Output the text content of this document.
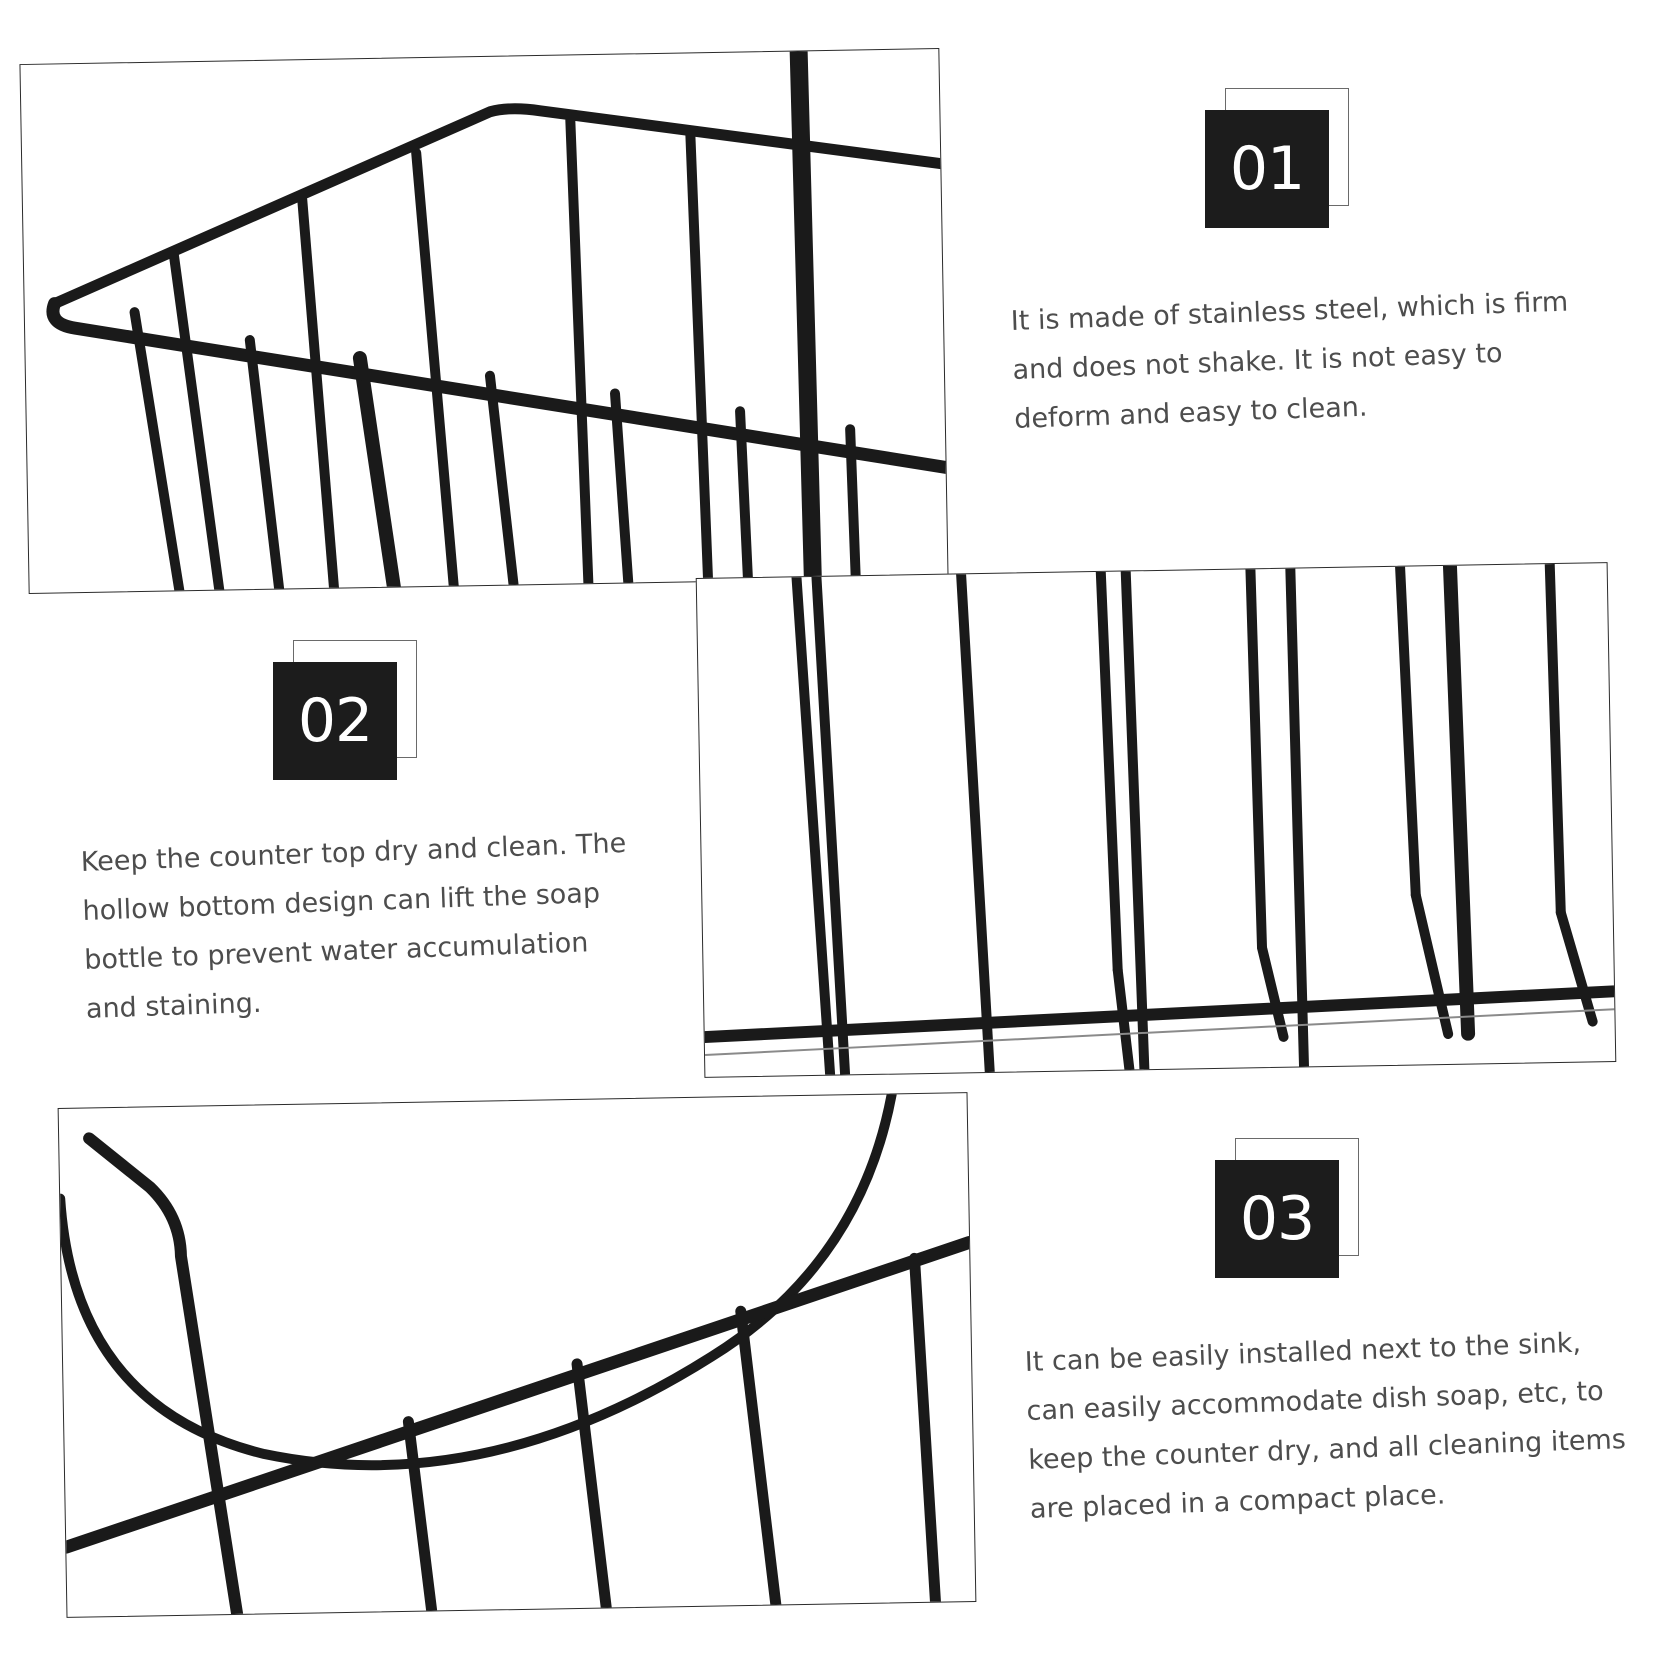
01
It is made of stainless steel, which is firm
and does not shake. It is not easy to
deform and easy to clean.
02
Keep the counter top dry and clean. The
hollow bottom design can lift the soap
bottle to prevent water accumulation
and staining.
03
It can be easily installed next to the sink,
can easily accommodate dish soap, etc, to
keep the counter dry, and all cleaning items
are placed in a compact place.
